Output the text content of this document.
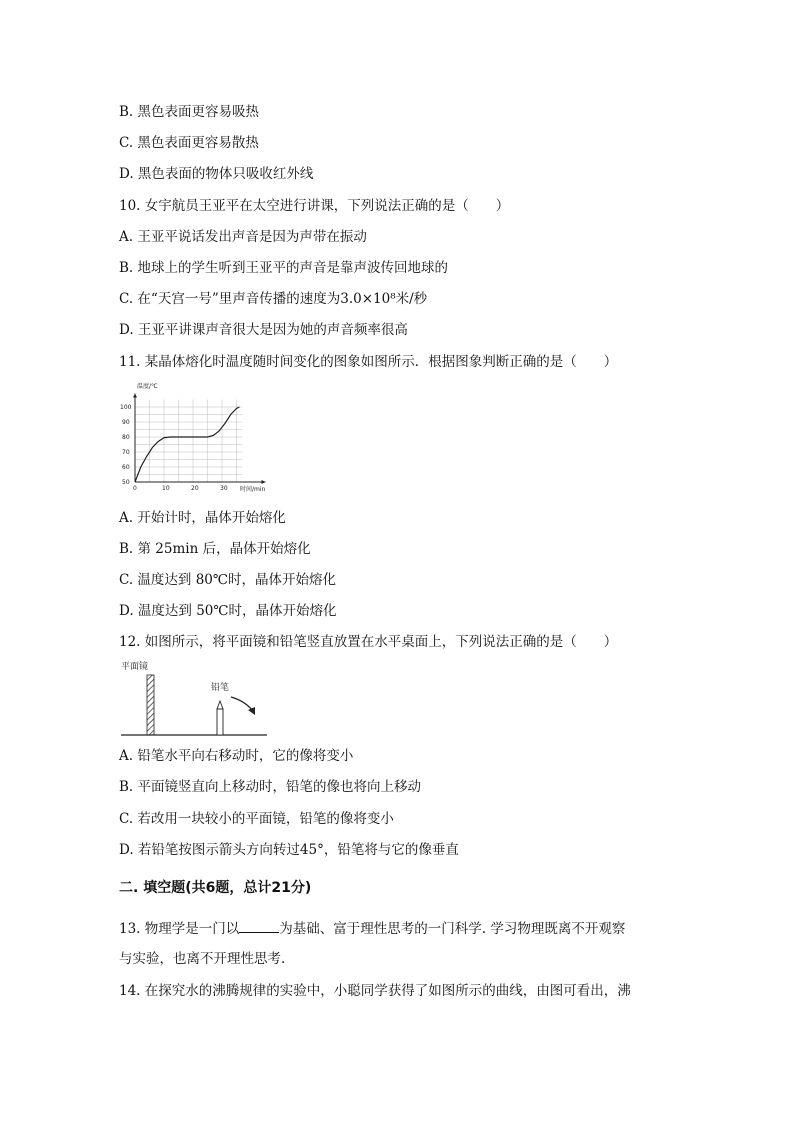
B. 黑色表面更容易吸热
C. 黑色表面更容易散热
D. 黑色表面的物体只吸收红外线
10. 女宇航员王亚平在太空进行讲课，下列说法正确的是（　　）
A. 王亚平说话发出声音是因为声带在振动
B. 地球上的学生听到王亚平的声音是靠声波传回地球的
C. 在“天宫一号”里声音传播的速度为3.0×10⁸米/秒
D. 王亚平讲课声音很大是因为她的声音频率很高
11. 某晶体熔化时温度随时间变化的图象如图所示．根据图象判断正确的是（　　）
温度/℃
时间/min
0	10	20	30
50
60
70
80
90
100
A. 开始计时，晶体开始熔化
B. 第 25min 后，晶体开始熔化
C. 温度达到 80℃时，晶体开始熔化
D. 温度达到 50℃时，晶体开始熔化
12. 如图所示，将平面镜和铅笔竖直放置在水平桌面上，下列说法正确的是（　　）
平面镜
铅笔
A. 铅笔水平向右移动时，它的像将变小
B. 平面镜竖直向上移动时，铅笔的像也将向上移动
C. 若改用一块较小的平面镜，铅笔的像将变小
D. 若铅笔按图示箭头方向转过45°，铅笔将与它的像垂直
二. 填空题(共6题，总计21分)
13. 物理学是一门以	为基础、富于理性思考的一门科学. 学习物理既离不开观察
与实验，也离不开理性思考.
14. 在探究水的沸腾规律的实验中，小聪同学获得了如图所示的曲线，由图可看出，沸
